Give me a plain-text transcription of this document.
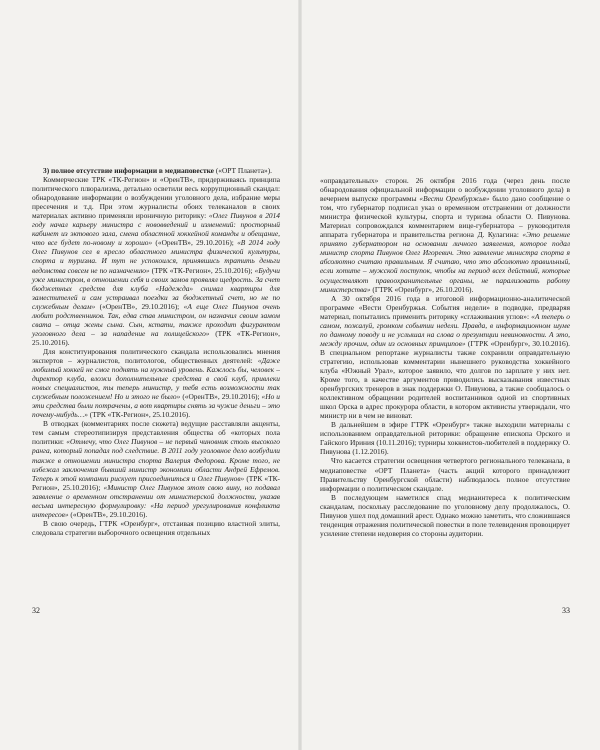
3) полное отсутствие информации в медиаповестке («ОРТ Планета»).

Коммерческие ТРК «ТК-Регион» и «ОренТВ», придерживаясь принципа политического плюрализма, детально осветили весь коррупционный скандал: обнародование информации о возбуждении уголовного дела, избрание меры пресечения и т.д. При этом журналисты обоих телеканалов в своих материалах активно применяли ироничную риторику: «Олег Пивунов в 2014 году начал карьеру министра с нововведений и изменений: просторный кабинет из эктового зала, смена областной хоккейной команды и обещание, что все будет по-новому и хорошо» («ОренТВ», 29.10.2016); «В 2014 году Олег Пивунов сел в кресло областного министра физической культуры, спорта и туризма. И тут не успокоился, принявшись тратить деньги ведомства совсем не по назначению» (ТРК «ТК-Регион», 25.10.2016); «Будучи уже министром, в отношении себя и своих замов проявлял щедрость. За счет бюджетных средств для клуба «Надежда» снимал квартиры для заместителей и сам устраивал поездки за бюджетный счет, но не по служебным делам» («ОренТВ», 29.10.2016); «А еще Олег Пивунов очень любит родственников. Так, едва став министром, он назначил своим замом свата – отца жены сына. Сын, кстати, также проходит фигурантом уголовного дела – за нападение на полицейского» (ТРК «ТК-Регион», 25.10.2016).

Для конституирования политического скандала использовались мнения экспертов – журналистов, политологов, общественных деятелей: «Даже любимый хоккей не смог поднять на нужный уровень. Кажлось бы, человек – директор клуба, вложи дополнительные средства в свой клуб, привлеки новых специалистов, ты теперь министр, у тебя есть возможности так служебным положением! Но и этого не было» («ОренТВ», 29.10.2016); «Но и эти средства были потрачены, а вот квартиры снять за чужие деньги – это почему-нибудь…» (ТРК «ТК-Регион», 25.10.2016).

В отводках (комментариях после сюжета) ведущие расставляли акценты, тем самым стереотипизируя представления общества об «которых пола политики: «Отмечу, что Олег Пивунов – не первый чиновник столь высокого ранга, который попадал под следствие. В 2011 году уголовное дело возбудили также в отношении министра спорта Валерия Федорова. Кроме того, не избежал заключения бывший министр экономики области Андрей Ефремов. Теперь к этой компании рискует присоединиться и Олег Пивунов» (ТРК «ТК-Регион», 25.10.2016); «Министр Олег Пивунов этот свою вину, но подавал заявление о временном отстранении от министерской должности, указав весьма интересную формулировку: «На период урегулирования конфликта интересов» («ОренТВ», 29.10.2016).

В свою очередь, ГТРК «Оренбург», отстаивая позицию властной элиты, следовала стратегии выборочного освещения отдельных

32

«оправдательных» сторон. 26 октября 2016 года (через день после обнародования официальной информации о возбуждении уголовного дела) в вечернем выпуске программы «Вести Оренбуржья» было дано сообщение о том, что губернатор подписал указ о временном отстранении от должности министра физической культуры, спорта и туризма области О. Пивунова. Материал сопровождался комментарием вице-губернатора – руководителя аппарата губернатора и правительства региона Д. Кулагина: «Это решение принято губернатором на основании личного заявления, которое подал министр спорта Пивунов Олег Игоревич. Это заявление министра спорта я абсолютно считаю правильным. Я считаю, что это абсолютно правильный, если хотите – мужской поступок, чтобы на период всех действий, которые осуществляют правоохранительные органы, не парализовать работу министерства» (ГТРК «Оренбург», 26.10.2016).

А 30 октября 2016 года в итоговой информационно-аналитической программе «Вести Оренбуржья. События недели» в подводке, предваряя материал, попытались применить риторику «сглаживания углов»: «А теперь о самом, пожалуй, громком событии недели. Правда, в информационном шуме по данному поводу и не услышал на слова о презумпции невиновности. А это, между прочим, один из основных принципов» (ГТРК «Оренбург», 30.10.2016). В специальном репортаже журналисты также сохранили оправдательную стратегию, использовав комментарии нынешнего руководства хоккейного клуба «Южный Урал», которое заявило, что долгов по зарплате у них нет. Кроме того, в качестве аргументов приводились высказывания известных оренбургских тренеров в знак поддержки О. Пивунова, а также сообщалось о коллективном обращении родителей воспитанников одной из спортивных школ Орска в адрес прокурора области, в котором активисты утверждали, что министр ни в чем не виноват.

В дальнейшем в эфире ГТРК «Оренбург» также выходили материалы с использованием оправдательной риторики: обращение епископа Орского и Гайского Ириния (10.11.2016); турниры хоккеистов-любителей в поддержку О. Пивунова (1.12.2016).

Что касается стратегии освещения четвертого регионального телеканала, в медиаповестке «ОРТ Планета» (часть акций которого принадлежит Правительству Оренбургской области) наблюдалось полное отсутствие информации о политическом скандале.

В последующем наметился спад медиаинтереса к политическим скандалам, поскольку расследование по уголовному делу продолжалось, О. Пивунов ушел под домашний арест. Однако можно заметить, что сложившаяся тенденция отражения политической повестки в поле телевидения провоцирует усиление степени недоверия со стороны аудитории.

33
